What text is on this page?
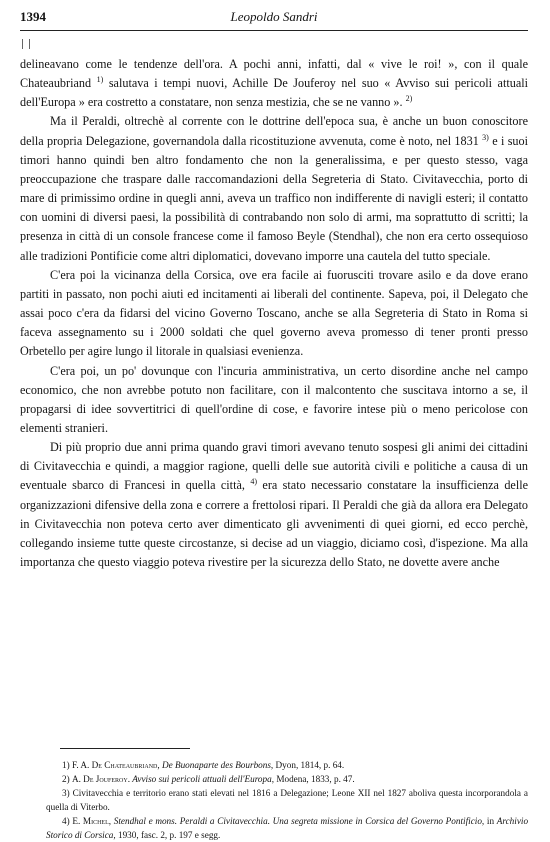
1394	Leopoldo Sandri

delineavano come le tendenze dell'ora. A pochi anni, infatti, dal « vive le roi! », con il quale Chateaubriand $^{1)}$ salutava i tempi nuovi, Achille De Jouferoy nel suo « Avviso sui pericoli attuali dell'Europa » era costretto a constatare, non senza mestizia, che se ne vanno ». $^{2)}$

Ma il Peraldi, oltrechè al corrente con le dottrine dell'epoca sua, è anche un buon conoscitore della propria Delegazione, governandola dalla ricostituzione avvenuta, come è noto, nel 1831 $^{3)}$ e i suoi timori hanno quindi ben altro fondamento che non la generalissima, e per questo stesso, vaga preoccupazione che traspare dalle raccomandazioni della Segreteria di Stato. Civitavecchia, porto di mare di primissimo ordine in quegli anni, aveva un traffico non indifferente di navigli esteri; il contatto con uomini di diversi paesi, la possibilità di contrabando non solo di armi, ma soprattutto di scritti; la presenza in città di un console francese come il famoso Beyle (Stendhal), che non era certo ossequioso alle tradizioni Pontificie come altri diplomatici, dovevano imporre una cautela del tutto speciale.

C'era poi la vicinanza della Corsica, ove era facile ai fuorusciti trovare asilo e da dove erano partiti in passato, non pochi aiuti ed incitamenti ai liberali del continente. Sapeva, poi, il Delegato che assai poco c'era da fidarsi del vicino Governo Toscano, anche se alla Segreteria di Stato in Roma si faceva assegnamento su i 2000 soldati che quel governo aveva promesso di tener pronti presso Orbetello per agire lungo il litorale in qualsiasi evenienza.

C'era poi, un po' dovunque con l'incuria amministrativa, un certo disordine anche nel campo economico, che non avrebbe potuto non facilitare, con il malcontento che suscitava intorno a se, il propagarsi di idee sovvertitrici di quell'ordine di cose, e favorire intese più o meno pericolose con elementi stranieri.

Di più proprio due anni prima quando gravi timori avevano tenuto sospesi gli animi dei cittadini di Civitavecchia e quindi, a maggior ragione, quelli delle sue autorità civili e politiche a causa di un eventuale sbarco di Francesi in quella città, $^{4)}$ era stato necessario constatare la insufficienza delle organizzazioni difensive della zona e correre a frettolosi ripari. Il Peraldi che già da allora era Delegato in Civitavecchia non poteva certo aver dimenticato gli avvenimenti di quei giorni, ed ecco perchè, collegando insieme tutte queste circostanze, si decise ad un viaggio, diciamo così, d'ispezione. Ma alla importanza che questo viaggio poteva rivestire per la sicurezza dello Stato, ne dovette avere anche

1) F. A. De Chateaubriand, De Buonaparte des Bourbons, Dyon, 1814, p. 64.

2) A. De Jouferoy. Avviso sui pericoli attuali dell'Europa, Modena, 1833, p. 47.

3) Civitavecchia e territorio erano stati elevati nel 1816 a Delegazione; Leone XII nel 1827 aboliva questa incorporandola a quella di Viterbo.

4) E. Michel, Stendhal e mons. Peraldi a Civitavecchia. Una segreta missione in Corsica del Governo Pontificio, in Archivio Storico di Corsica, 1930, fasc. 2, p. 197 e segg.
